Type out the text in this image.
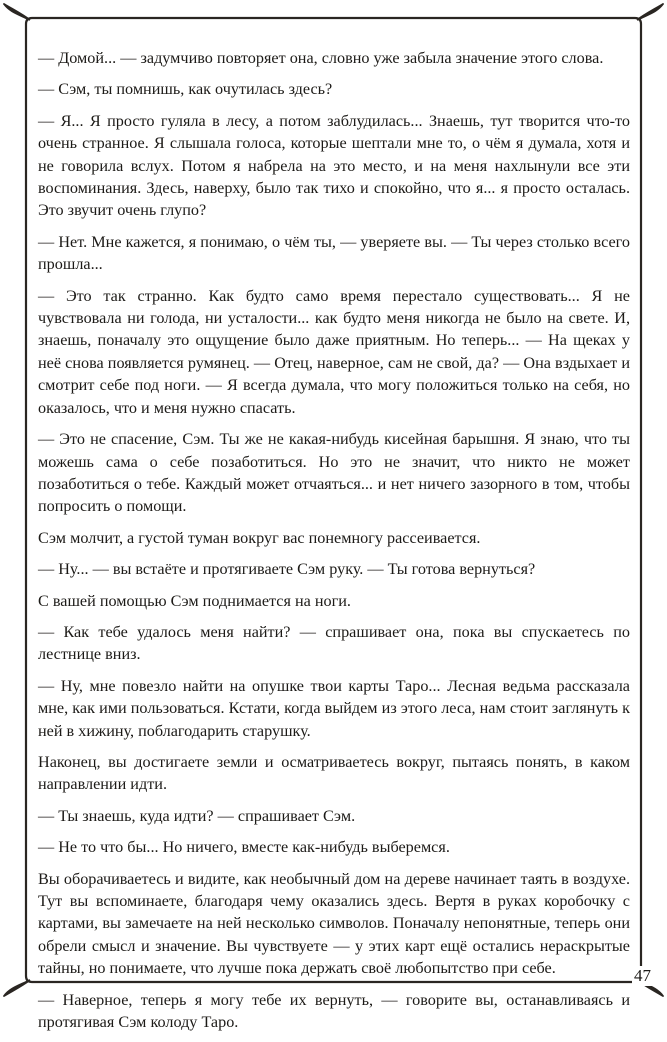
— Домой... — задумчиво повторяет она, словно уже забыла значение этого слова.

— Сэм, ты помнишь, как очутилась здесь?

— Я... Я просто гуляла в лесу, а потом заблудилась... Знаешь, тут творится что-то очень странное. Я слышала голоса, которые шептали мне то, о чём я думала, хотя и не говорила вслух. Потом я набрела на это место, и на меня нахлынули все эти воспоминания. Здесь, наверху, было так тихо и спокойно, что я... я просто осталась. Это звучит очень глупо?

— Нет. Мне кажется, я понимаю, о чём ты, — уверяете вы. — Ты через столько всего прошла...

— Это так странно. Как будто само время перестало существовать... Я не чувствовала ни голода, ни усталости... как будто меня никогда не было на свете. И, знаешь, поначалу это ощущение было даже приятным. Но теперь... — На щеках у неё снова появляется румянец. — Отец, наверное, сам не свой, да? — Она вздыхает и смотрит себе под ноги. — Я всегда думала, что могу положиться только на себя, но оказалось, что и меня нужно спасать.

— Это не спасение, Сэм. Ты же не какая-нибудь кисейная барышня. Я знаю, что ты можешь сама о себе позаботиться. Но это не значит, что никто не может позаботиться о тебе. Каждый может отчаяться... и нет ничего зазорного в том, чтобы попросить о помощи.

Сэм молчит, а густой туман вокруг вас понемногу рассеивается.

— Ну... — вы встаёте и протягиваете Сэм руку. — Ты готова вернуться?

С вашей помощью Сэм поднимается на ноги.

— Как тебе удалось меня найти? — спрашивает она, пока вы спускаетесь по лестнице вниз.

— Ну, мне повезло найти на опушке твои карты Таро... Лесная ведьма рассказала мне, как ими пользоваться. Кстати, когда выйдем из этого леса, нам стоит заглянуть к ней в хижину, поблагодарить старушку.

Наконец, вы достигаете земли и осматриваетесь вокруг, пытаясь понять, в каком направлении идти.

— Ты знаешь, куда идти? — спрашивает Сэм.

— Не то что бы... Но ничего, вместе как-нибудь выберемся.

Вы оборачиваетесь и видите, как необычный дом на дереве начинает таять в воздухе. Тут вы вспоминаете, благодаря чему оказались здесь. Вертя в руках коробочку с картами, вы замечаете на ней несколько символов. Поначалу непонятные, теперь они обрели смысл и значение. Вы чувствуете — у этих карт ещё остались нераскрытые тайны, но понимаете, что лучше пока держать своё любопытство при себе.

— Наверное, теперь я могу тебе их вернуть, — говорите вы, останавливаясь и протягивая Сэм колоду Таро.

47
